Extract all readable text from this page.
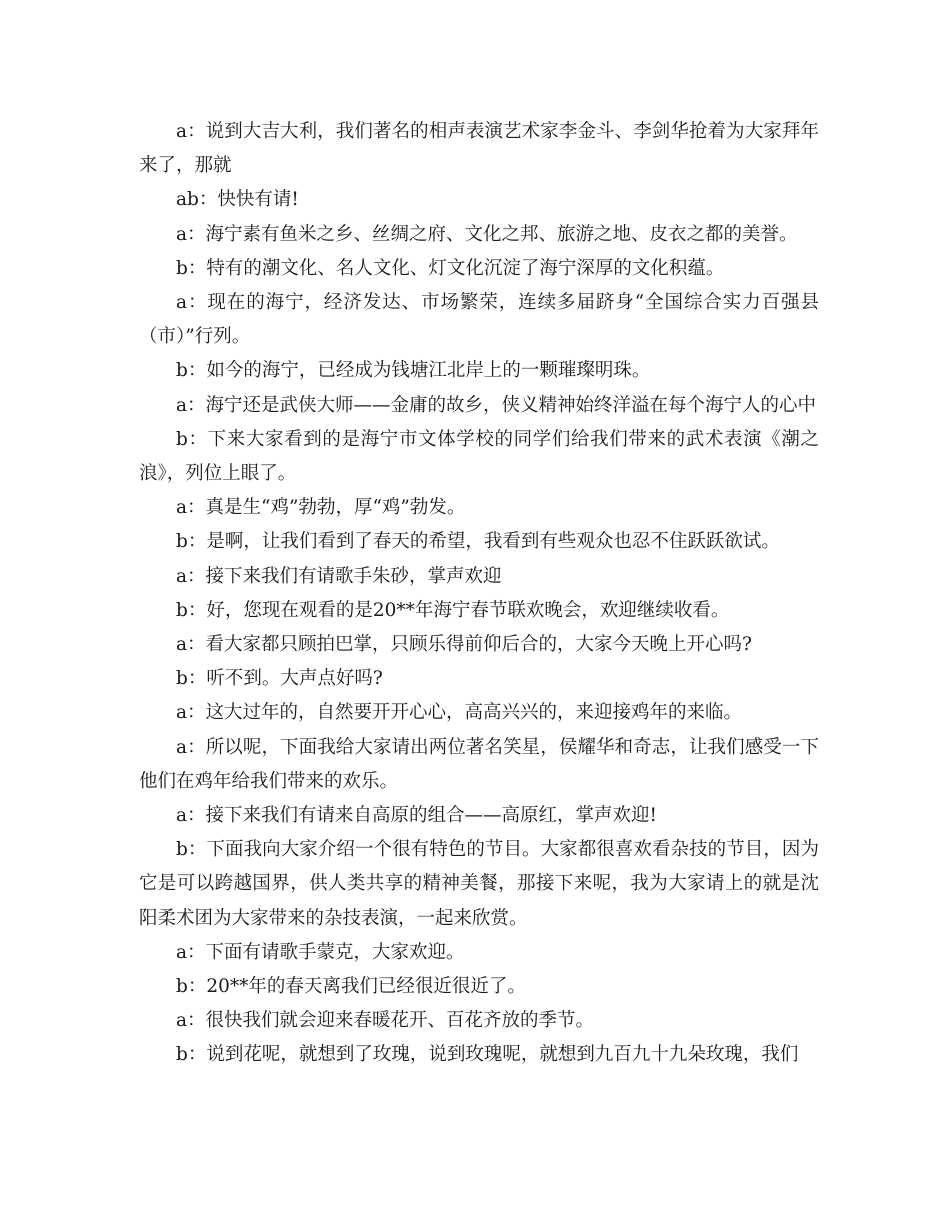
a：说到大吉大利，我们著名的相声表演艺术家李金斗、李剑华抢着为大家拜年来了，那就

ab：快快有请!

a：海宁素有鱼米之乡、丝绸之府、文化之邦、旅游之地、皮衣之都的美誉。

b：特有的潮文化、名人文化、灯文化沉淀了海宁深厚的文化积蕴。

a：现在的海宁，经济发达、市场繁荣，连续多届跻身“全国综合实力百强县（市）”行列。

b：如今的海宁，已经成为钱塘江北岸上的一颗璀璨明珠。

a：海宁还是武侠大师——金庸的故乡，侠义精神始终洋溢在每个海宁人的心中

b：下来大家看到的是海宁市文体学校的同学们给我们带来的武术表演《潮之浪》，列位上眼了。

a：真是生“鸡”勃勃，厚“鸡”勃发。

b：是啊，让我们看到了春天的希望，我看到有些观众也忍不住跃跃欲试。

a：接下来我们有请歌手朱砂，掌声欢迎

b：好，您现在观看的是20**年海宁春节联欢晚会，欢迎继续收看。

a：看大家都只顾拍巴掌，只顾乐得前仰后合的，大家今天晚上开心吗?

b：听不到。大声点好吗?

a：这大过年的，自然要开开心心，高高兴兴的，来迎接鸡年的来临。

a：所以呢，下面我给大家请出两位著名笑星，侯耀华和奇志，让我们感受一下他们在鸡年给我们带来的欢乐。

a：接下来我们有请来自高原的组合——高原红，掌声欢迎!

b：下面我向大家介绍一个很有特色的节目。大家都很喜欢看杂技的节目，因为它是可以跨越国界，供人类共享的精神美餐，那接下来呢，我为大家请上的就是沈阳柔术团为大家带来的杂技表演，一起来欣赏。

a：下面有请歌手蒙克，大家欢迎。

b：20**年的春天离我们已经很近很近了。

a：很快我们就会迎来春暖花开、百花齐放的季节。

b：说到花呢，就想到了玫瑰，说到玫瑰呢，就想到九百九十九朵玫瑰，我们
